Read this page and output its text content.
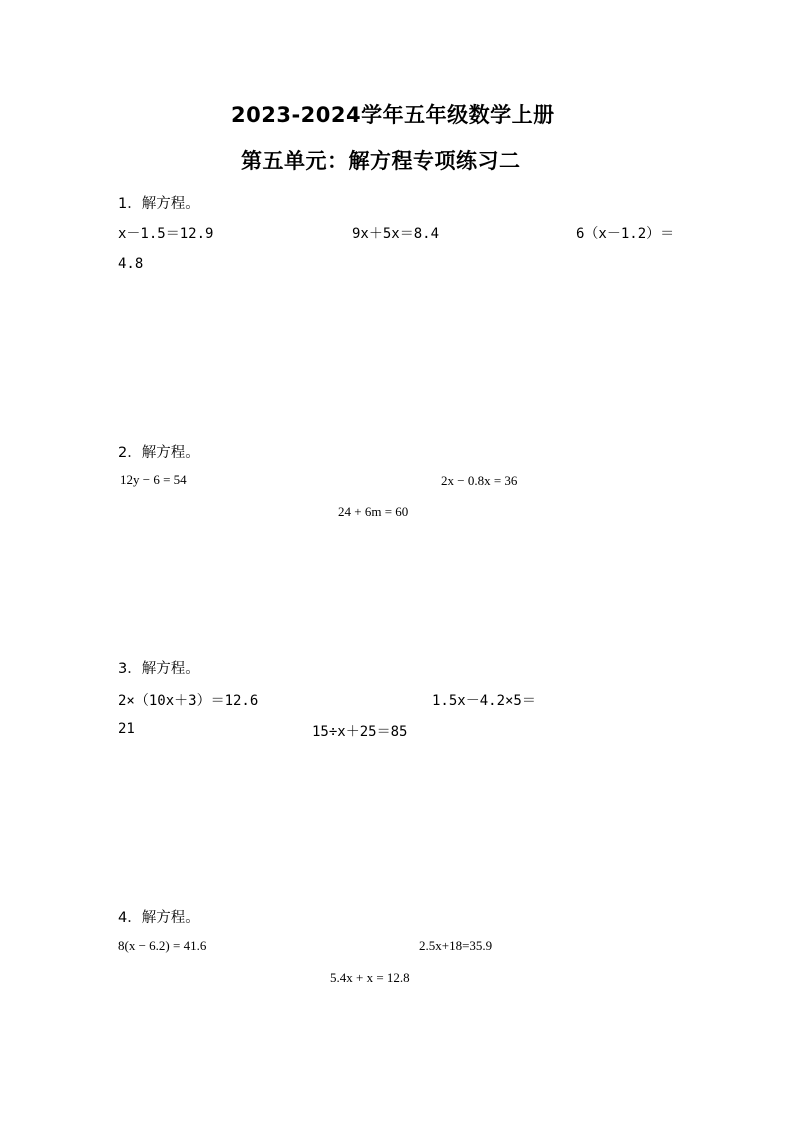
2023-2024学年五年级数学上册
第五单元：解方程专项练习二
1．解方程。
x－1.5＝12.9	9x＋5x＝8.4	6（x－1.2）＝
4.8
2．解方程。
12y − 6 = 54	2x − 0.8x = 36
24 + 6m = 60
3．解方程。
2×（10x＋3）＝12.6	1.5x－4.2×5＝
21	15÷x＋25＝85
4．解方程。
8(x − 6.2) = 41.6	2.5x+18=35.9
5.4x + x = 12.8
